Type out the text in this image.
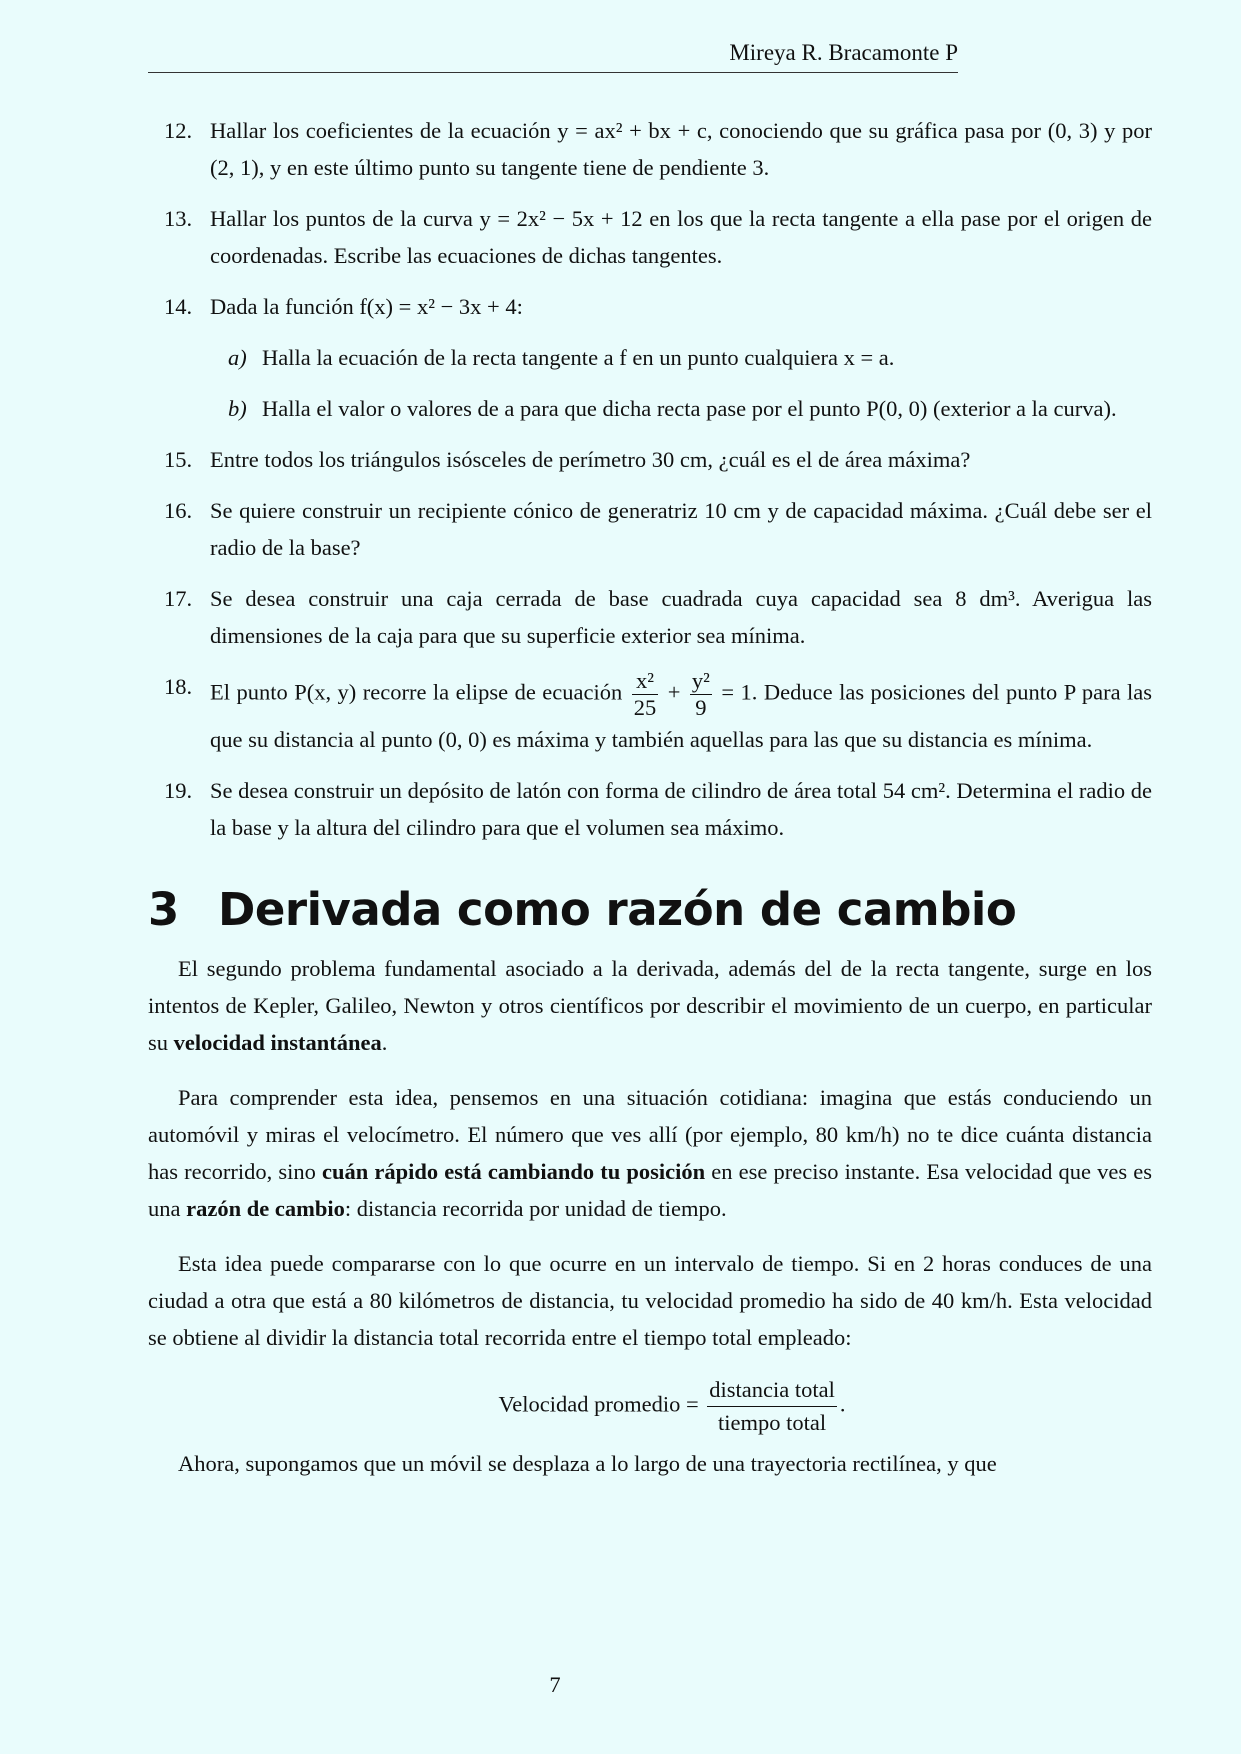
Mireya R. Bracamonte P
12. Hallar los coeficientes de la ecuación y = ax² + bx + c, conociendo que su gráfica pasa por (0, 3) y por (2, 1), y en este último punto su tangente tiene de pendiente 3.
13. Hallar los puntos de la curva y = 2x² − 5x + 12 en los que la recta tangente a ella pase por el origen de coordenadas. Escribe las ecuaciones de dichas tangentes.
14. Dada la función f(x) = x² − 3x + 4:
a) Halla la ecuación de la recta tangente a f en un punto cualquiera x = a.
b) Halla el valor o valores de a para que dicha recta pase por el punto P(0, 0) (exterior a la curva).
15. Entre todos los triángulos isósceles de perímetro 30 cm, ¿cuál es el de área máxima?
16. Se quiere construir un recipiente cónico de generatriz 10 cm y de capacidad máxima. ¿Cuál debe ser el radio de la base?
17. Se desea construir una caja cerrada de base cuadrada cuya capacidad sea 8 dm³. Averigua las dimensiones de la caja para que su superficie exterior sea mínima.
18. El punto P(x, y) recorre la elipse de ecuación $\frac{\text{x²}}{25} + \frac{\text{y²}}{9} = 1$. Deduce las posiciones del punto P para las que su distancia al punto (0, 0) es máxima y también aquellas para las que su distancia es mínima.
19. Se desea construir un depósito de latón con forma de cilindro de área total 54 cm². Determina el radio de la base y la altura del cilindro para que el volumen sea máximo.
3 Derivada como razón de cambio

El segundo problema fundamental asociado a la derivada, además del de la recta tangente, surge en los intentos de Kepler, Galileo, Newton y otros científicos por describir el movimiento de un cuerpo, en particular su velocidad instantánea.

Para comprender esta idea, pensemos en una situación cotidiana: imagina que estás conduciendo un automóvil y miras el velocímetro. El número que ves allí (por ejemplo, 80 km/h) no te dice cuánta distancia has recorrido, sino cuán rápido está cambiando tu posición en ese preciso instante. Esa velocidad que ves es una razón de cambio: distancia recorrida por unidad de tiempo.

Esta idea puede compararse con lo que ocurre en un intervalo de tiempo. Si en 2 horas conduces de una ciudad a otra que está a 80 kilómetros de distancia, tu velocidad promedio ha sido de 40 km/h. Esta velocidad se obtiene al dividir la distancia total recorrida entre el tiempo total empleado:

Velocidad promedio = $\frac{\text{distancia total}}{\text{tiempo total}}$ .

Ahora, supongamos que un móvil se desplaza a lo largo de una trayectoria rectilínea, y que

7
